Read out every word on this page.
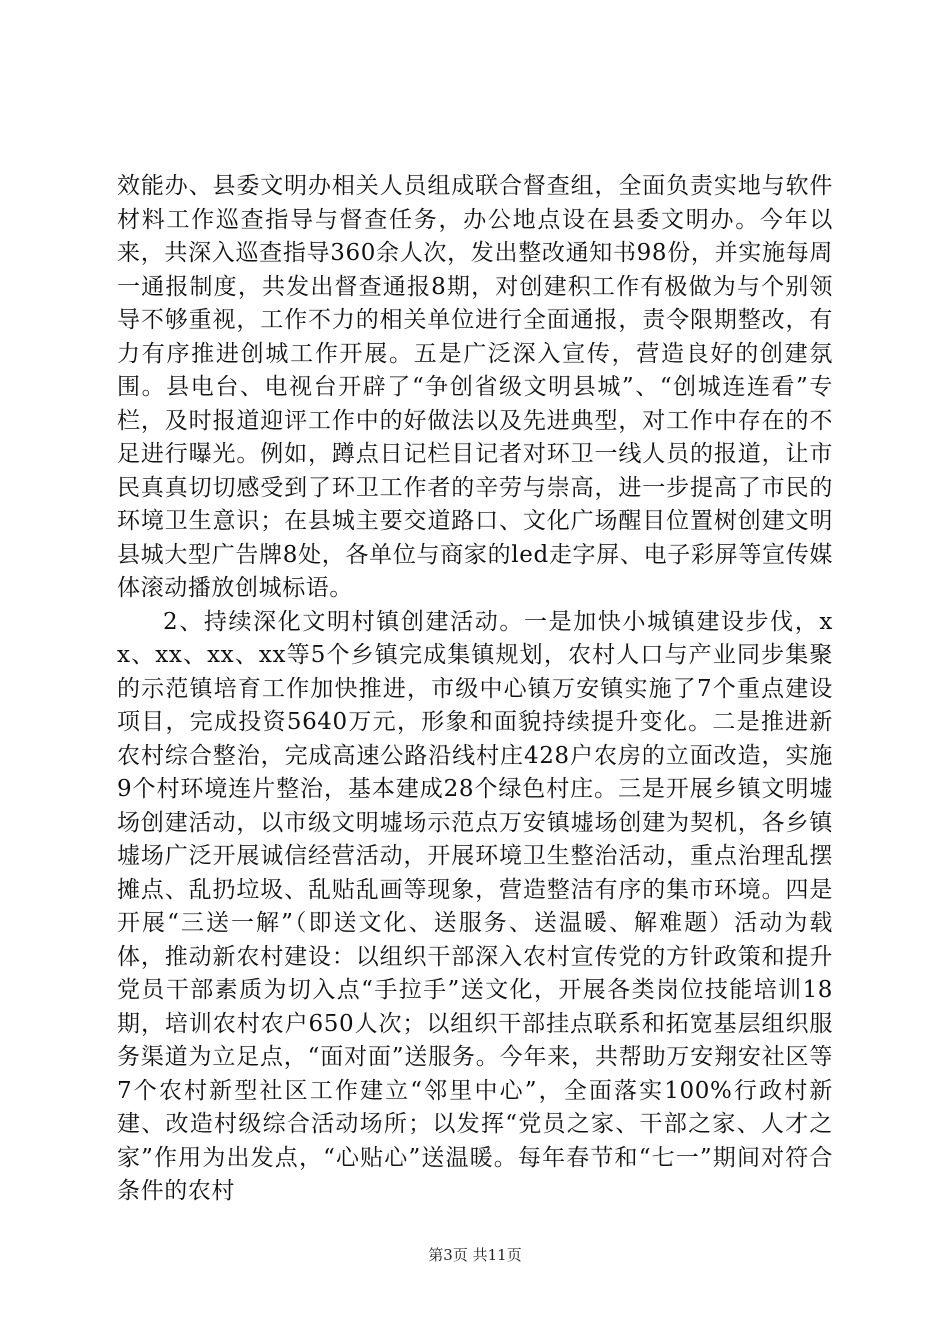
效能办、县委文明办相关人员组成联合督查组，全面负责实地与软件材料工作巡查指导与督查任务，办公地点设在县委文明办。今年以来，共深入巡查指导360余人次，发出整改通知书98份，并实施每周一通报制度，共发出督查通报8期，对创建积工作有极做为与个别领导不够重视，工作不力的相关单位进行全面通报，责令限期整改，有力有序推进创城工作开展。五是广泛深入宣传，营造良好的创建氛围。县电台、电视台开辟了“争创省级文明县城”、“创城连连看”专栏，及时报道迎评工作中的好做法以及先进典型，对工作中存在的不足进行曝光。例如，蹲点日记栏目记者对环卫一线人员的报道，让市民真真切切感受到了环卫工作者的辛劳与崇高，进一步提高了市民的环境卫生意识；在县城主要交道路口、文化广场醒目位置树创建文明县城大型广告牌8处，各单位与商家的led走字屏、电子彩屏等宣传媒体滚动播放创城标语。

2、持续深化文明村镇创建活动。一是加快小城镇建设步伐，xx、xx、xx、xx等5个乡镇完成集镇规划，农村人口与产业同步集聚的示范镇培育工作加快推进，市级中心镇万安镇实施了7个重点建设项目，完成投资5640万元，形象和面貌持续提升变化。二是推进新农村综合整治，完成高速公路沿线村庄428户农房的立面改造，实施9个村环境连片整治，基本建成28个绿色村庄。三是开展乡镇文明墟场创建活动，以市级文明墟场示范点万安镇墟场创建为契机，各乡镇墟场广泛开展诚信经营活动，开展环境卫生整治活动，重点治理乱摆摊点、乱扔垃圾、乱贴乱画等现象，营造整洁有序的集市环境。四是开展“三送一解”（即送文化、送服务、送温暖、解难题）活动为载体，推动新农村建设：以组织干部深入农村宣传党的方针政策和提升党员干部素质为切入点“手拉手”送文化，开展各类岗位技能培训18期，培训农村农户650人次；以组织干部挂点联系和拓宽基层组织服务渠道为立足点，“面对面”送服务。今年来，共帮助万安翔安社区等7个农村新型社区工作建立“邻里中心”，全面落实100%行政村新建、改造村级综合活动场所；以发挥“党员之家、干部之家、人才之家”作用为出发点，“心贴心”送温暖。每年春节和“七一”期间对符合条件的农村

第3页 共11页
